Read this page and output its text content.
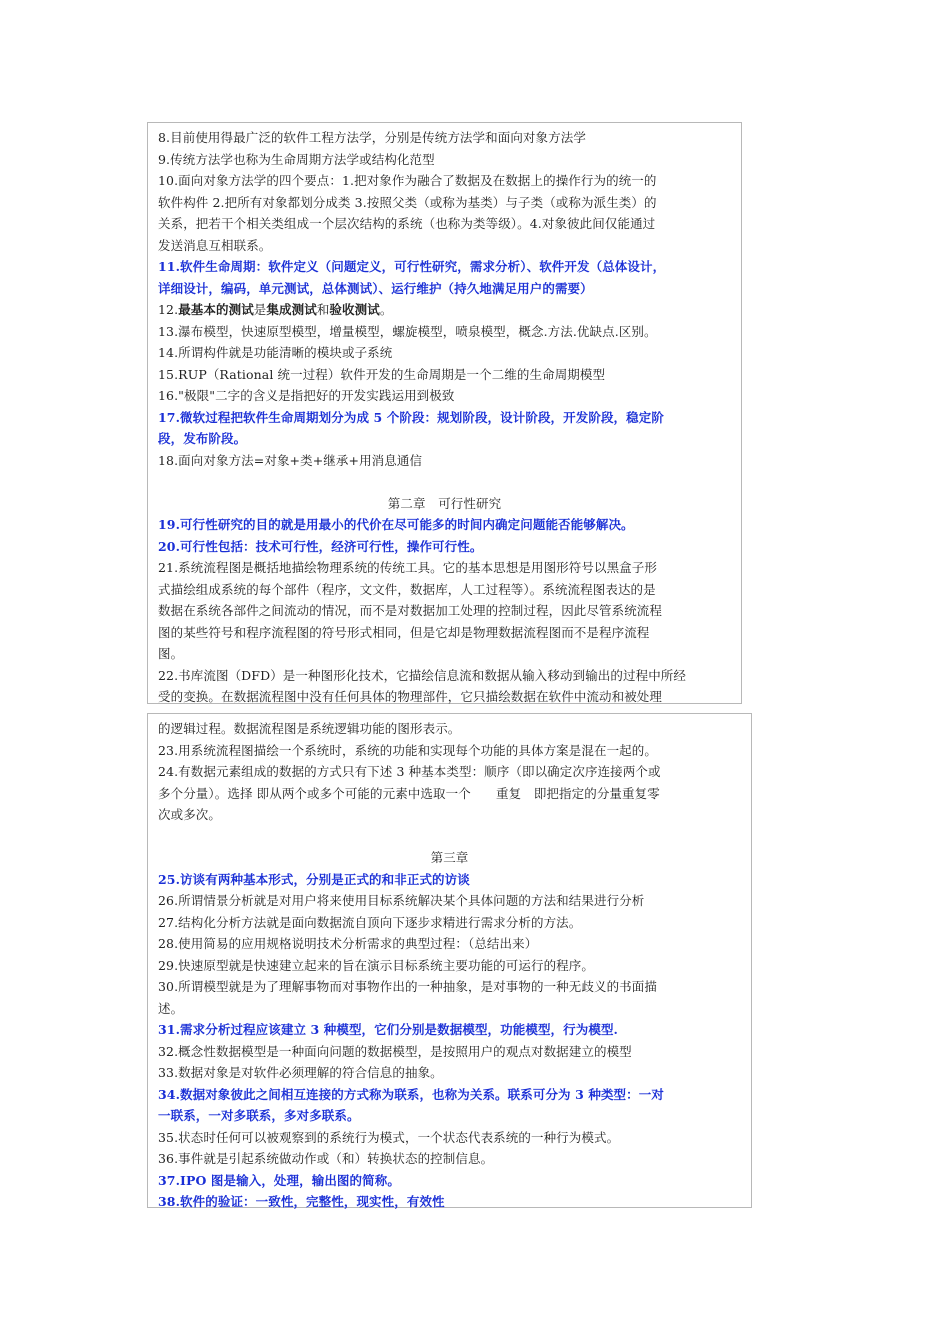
8.目前使用得最广泛的软件工程方法学，分别是传统方法学和面向对象方法学
9.传统方法学也称为生命周期方法学或结构化范型
10.面向对象方法学的四个要点：1.把对象作为融合了数据及在数据上的操作行为的统一的
软件构件 2.把所有对象都划分成类 3.按照父类（或称为基类）与子类（或称为派生类）的
关系，把若干个相关类组成一个层次结构的系统（也称为类等级）。4.对象彼此间仅能通过
发送消息互相联系。
11.软件生命周期：软件定义（问题定义，可行性研究，需求分析）、软件开发（总体设计，
详细设计，编码，单元测试，总体测试）、运行维护（持久地满足用户的需要）
12.最基本的测试是集成测试和验收测试。
13.瀑布模型，快速原型模型，增量模型，螺旋模型，喷泉模型，概念.方法.优缺点.区别。
14.所谓构件就是功能清晰的模块或子系统
15.RUP（Rational 统一过程）软件开发的生命周期是一个二维的生命周期模型
16."极限"二字的含义是指把好的开发实践运用到极致
17.微软过程把软件生命周期划分为成 5 个阶段：规划阶段，设计阶段，开发阶段，稳定阶
段，发布阶段。
18.面向对象方法=对象+类+继承+用消息通信
第二章　可行性研究
19.可行性研究的目的就是用最小的代价在尽可能多的时间内确定问题能否能够解决。
20.可行性包括：技术可行性，经济可行性，操作可行性。
21.系统流程图是概括地描绘物理系统的传统工具。它的基本思想是用图形符号以黑盒子形
式描绘组成系统的每个部件（程序，文文件，数据库，人工过程等）。系统流程图表达的是
数据在系统各部件之间流动的情况，而不是对数据加工处理的控制过程，因此尽管系统流程
图的某些符号和程序流程图的符号形式相同，但是它却是物理数据流程图而不是程序流程
图。
22.书库流图（DFD）是一种图形化技术，它描绘信息流和数据从输入移动到输出的过程中所经
受的变换。在数据流程图中没有任何具体的物理部件，它只描绘数据在软件中流动和被处理
的逻辑过程。数据流程图是系统逻辑功能的图形表示。
23.用系统流程图描绘一个系统时，系统的功能和实现每个功能的具体方案是混在一起的。
24.有数据元素组成的数据的方式只有下述 3 种基本类型：顺序（即以确定次序连接两个或
多个分量）。选择 即从两个或多个可能的元素中选取一个　　重复　即把指定的分量重复零
次或多次。
第三章
25.访谈有两种基本形式，分别是正式的和非正式的访谈
26.所谓情景分析就是对用户将来使用目标系统解决某个具体问题的方法和结果进行分析
27.结构化分析方法就是面向数据流自顶向下逐步求精进行需求分析的方法。
28.使用简易的应用规格说明技术分析需求的典型过程：（总结出来）
29.快速原型就是快速建立起来的旨在演示目标系统主要功能的可运行的程序。
30.所谓模型就是为了理解事物而对事物作出的一种抽象，是对事物的一种无歧义的书面描
述。
31.需求分析过程应该建立 3 种模型，它们分别是数据模型，功能模型，行为模型.
32.概念性数据模型是一种面向问题的数据模型，是按照用户的观点对数据建立的模型
33.数据对象是对软件必须理解的符合信息的抽象。
34.数据对象彼此之间相互连接的方式称为联系，也称为关系。联系可分为 3 种类型：一对
一联系，一对多联系，多对多联系。
35.状态时任何可以被观察到的系统行为模式，一个状态代表系统的一种行为模式。
36.事件就是引起系统做动作或（和）转换状态的控制信息。
37.IPO 图是输入，处理，输出图的简称。
38.软件的验证：一致性，完整性，现实性，有效性
